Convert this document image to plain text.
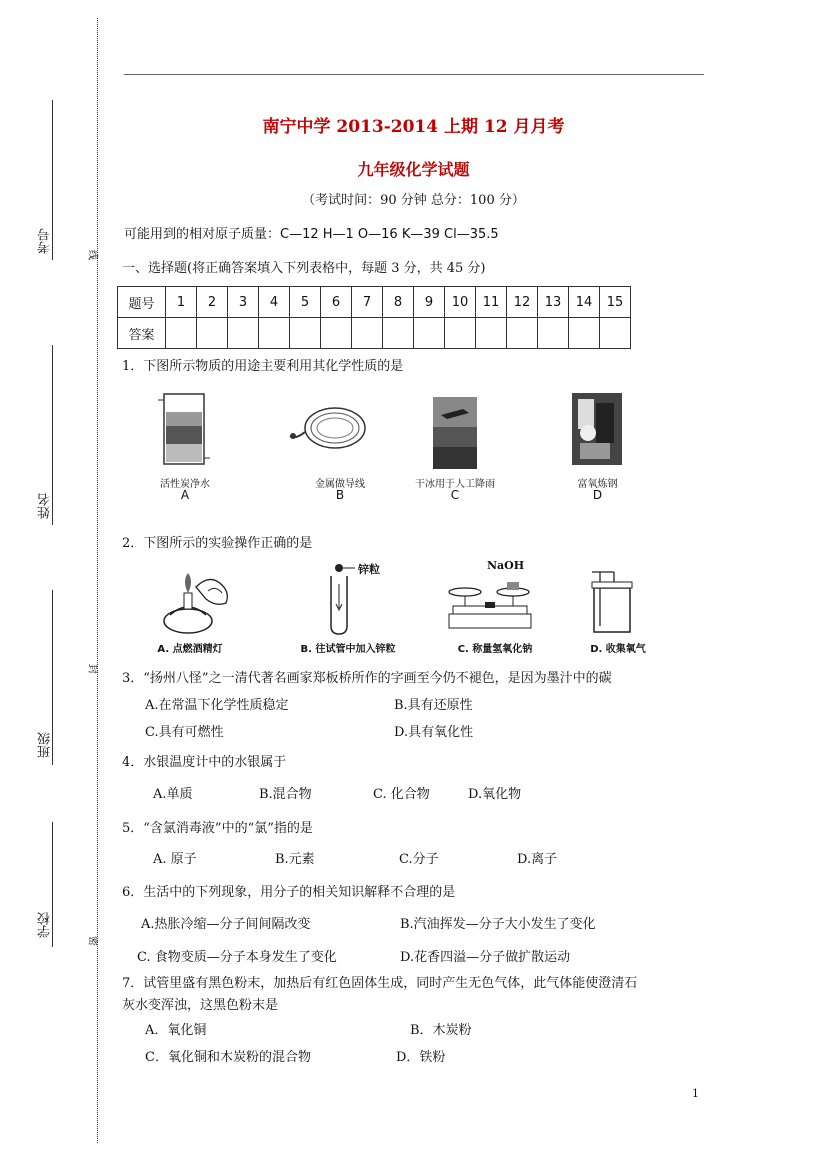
考号
姓名
班级
学校
线
封
密
南宁中学 2013-2014 上期 12 月月考
九年级化学试题
（考试时间：90 分钟 总分：100 分）
可能用到的相对原子质量：C—12 H—1 O—16 K—39 Cl—35.5
一、选择题(将正确答案填入下列表格中，每题 3 分，共 45 分)
题号	1	2	3	4	5	6	7	8	9	10	11	12	13	14	15
答案															
1．下图所示物质的用途主要利用其化学性质的是
活性炭净水
A
金属做导线
B
干冰用于人工降雨
C
富氧炼钢
D
2．下图所示的实验操作正确的是
A. 点燃酒精灯
锌粒
B. 往试管中加入锌粒
NaOH
C. 称量氢氧化钠	D. 收集氧气
3．“扬州八怪”之一清代著名画家郑板桥所作的字画至今仍不褪色，是因为墨汁中的碳
A.在常温下化学性质稳定	B.具有还原性
C.具有可燃性	D.具有氧化性
4．水银温度计中的水银属于
A.单质	B.混合物	C. 化合物	D.氧化物
5．“含氯消毒液”中的“氯”指的是
A. 原子	B.元素	C.分子	D.离子
6．生活中的下列现象，用分子的相关知识解释不合理的是
A.热胀冷缩—分子间间隔改变	B.汽油挥发—分子大小发生了变化
C. 食物变质—分子本身发生了变化	D.花香四溢—分子做扩散运动
7．试管里盛有黑色粉末，加热后有红色固体生成，同时产生无色气体，此气体能使澄清石
灰水变浑浊，这黑色粉末是
A．氧化铜	B．木炭粉
C．氧化铜和木炭粉的混合物	D．铁粉
1
